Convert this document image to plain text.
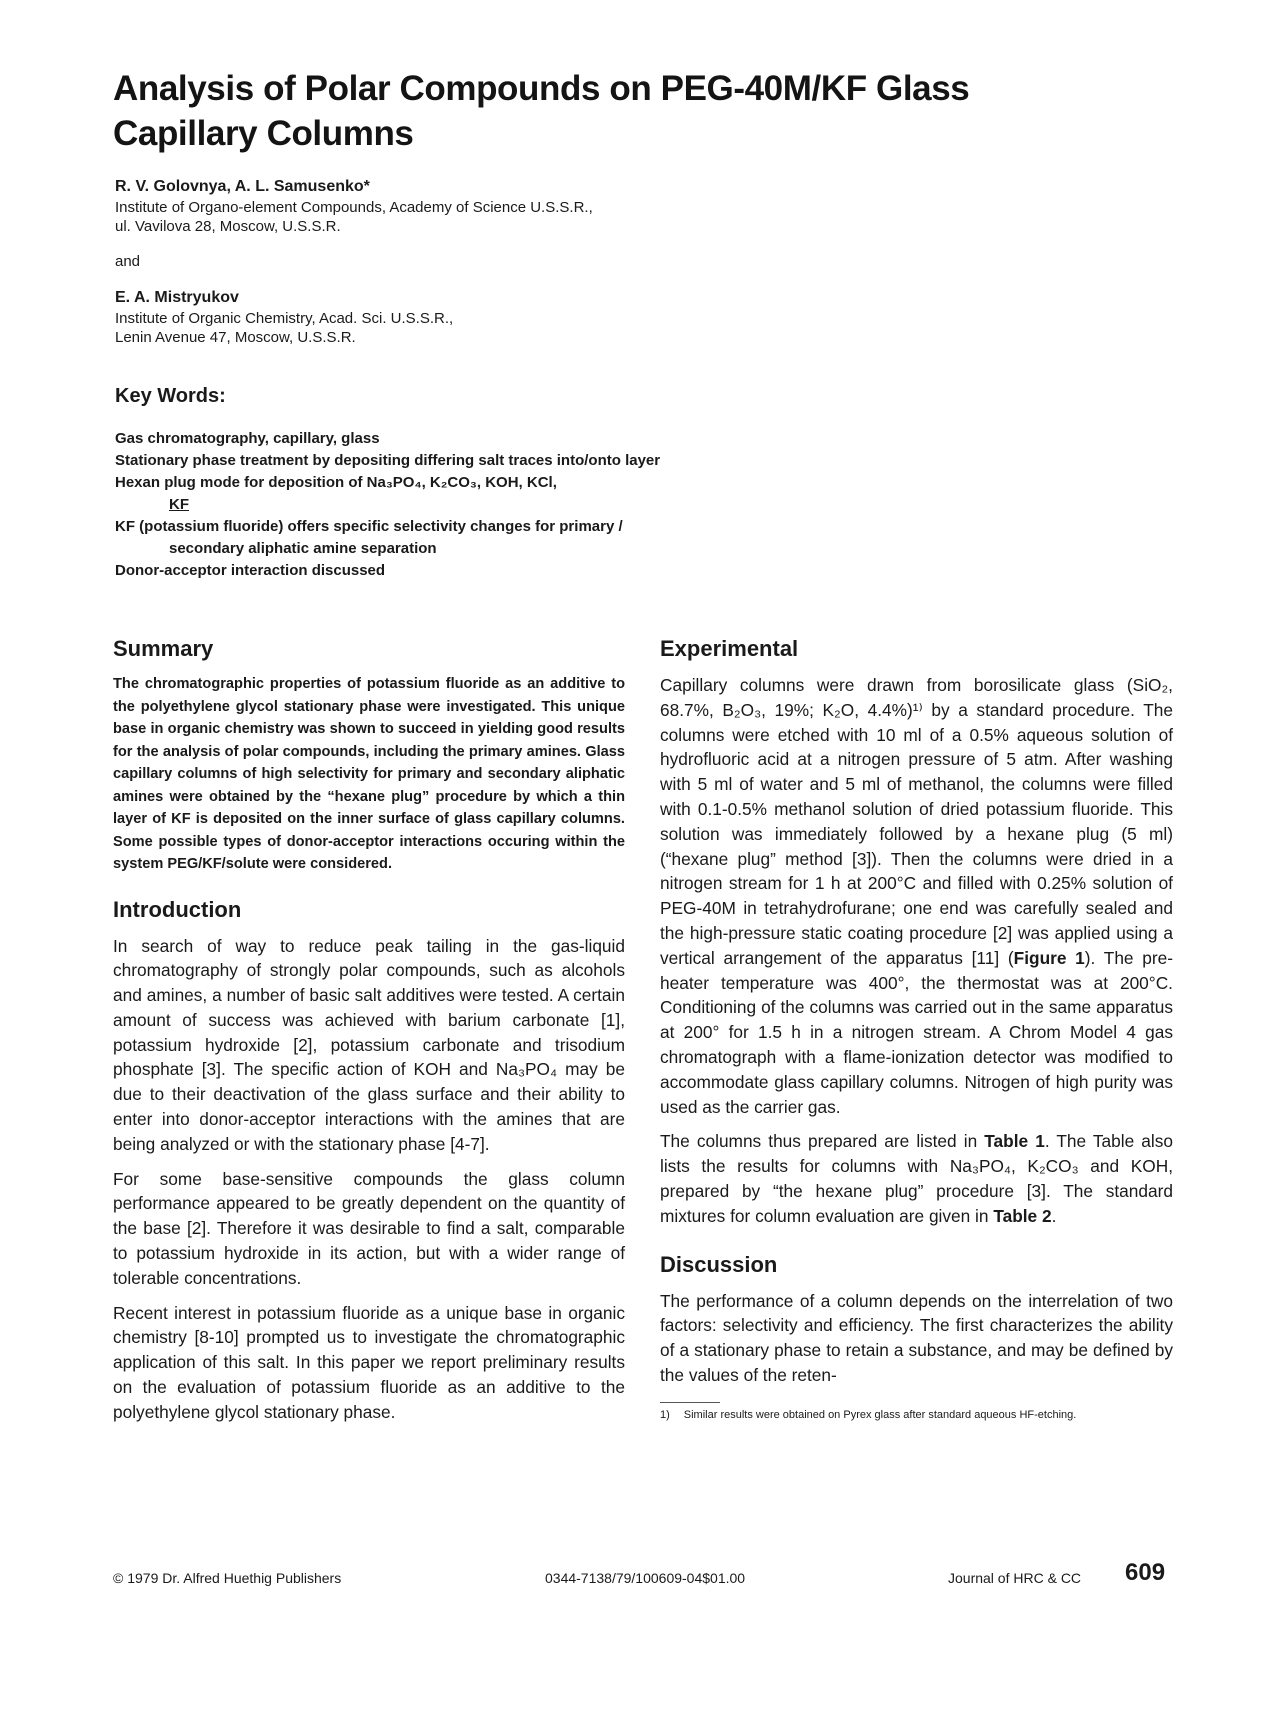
Analysis of Polar Compounds on PEG-40M/KF Glass Capillary Columns

R. V. Golovnya, A. L. Samusenko*

Institute of Organo-element Compounds, Academy of Science U.S.S.R.,

ul. Vavilova 28, Moscow, U.S.S.R.

and

E. A. Mistryukov

Institute of Organic Chemistry, Acad. Sci. U.S.S.R.,

Lenin Avenue 47, Moscow, U.S.S.R.

Key Words:
Gas chromatography, capillary, glass
Stationary phase treatment by depositing differing salt traces into/onto layer
Hexan plug mode for deposition of Na₃PO₄, K₂CO₃, KOH, KCl,
KF
KF (potassium fluoride) offers specific selectivity changes for primary / secondary aliphatic amine separation
Donor-acceptor interaction discussed
Summary

The chromatographic properties of potassium fluoride as an additive to the polyethylene glycol stationary phase were investigated. This unique base in organic chemistry was shown to succeed in yielding good results for the analysis of polar compounds, including the primary amines. Glass capillary columns of high selectivity for primary and secondary aliphatic amines were obtained by the “hexane plug” procedure by which a thin layer of KF is deposited on the inner surface of glass capillary columns. Some possible types of donor-acceptor interactions occuring within the system PEG/KF/solute were considered.

Introduction

In search of way to reduce peak tailing in the gas-liquid chromatography of strongly polar compounds, such as alcohols and amines, a number of basic salt additives were tested. A certain amount of success was achieved with barium carbonate [1], potassium hydroxide [2], potassium carbonate and trisodium phosphate [3]. The specific action of KOH and Na₃PO₄ may be due to their deactivation of the glass surface and their ability to enter into donor-acceptor interactions with the amines that are being analyzed or with the stationary phase [4-7].

For some base-sensitive compounds the glass column performance appeared to be greatly dependent on the quantity of the base [2]. Therefore it was desirable to find a salt, comparable to potassium hydroxide in its action, but with a wider range of tolerable concentrations.

Recent interest in potassium fluoride as a unique base in organic chemistry [8-10] prompted us to investigate the chromatographic application of this salt. In this paper we report preliminary results on the evaluation of potassium fluoride as an additive to the polyethylene glycol stationary phase.

Experimental

Capillary columns were drawn from borosilicate glass (SiO₂, 68.7%, B₂O₃, 19%; K₂O, 4.4%)¹⁾ by a standard procedure. The columns were etched with 10 ml of a 0.5% aqueous solution of hydrofluoric acid at a nitrogen pressure of 5 atm. After washing with 5 ml of water and 5 ml of methanol, the columns were filled with 0.1-0.5% methanol solution of dried potassium fluoride. This solution was immediately followed by a hexane plug (5 ml) (“hexane plug” method [3]). Then the columns were dried in a nitrogen stream for 1 h at 200°C and filled with 0.25% solution of PEG-40M in tetrahydrofurane; one end was carefully sealed and the high-pressure static coating procedure [2] was applied using a vertical arrangement of the apparatus [11] (Figure 1). The pre-heater temperature was 400°, the thermostat was at 200°C. Conditioning of the columns was carried out in the same apparatus at 200° for 1.5 h in a nitrogen stream. A Chrom Model 4 gas chromatograph with a flame-ionization detector was modified to accommodate glass capillary columns. Nitrogen of high purity was used as the carrier gas.

The columns thus prepared are listed in Table 1. The Table also lists the results for columns with Na₃PO₄, K₂CO₃ and KOH, prepared by “the hexane plug” procedure [3]. The standard mixtures for column evaluation are given in Table 2.

Discussion

The performance of a column depends on the interrelation of two factors: selectivity and efficiency. The first characterizes the ability of a stationary phase to retain a substance, and may be defined by the values of the reten-

1) Similar results were obtained on Pyrex glass after standard aqueous HF-etching.

© 1979 Dr. Alfred Huethig Publishers	0344-7138/79/100609-04$01.00	Journal of HRC & CC 609
